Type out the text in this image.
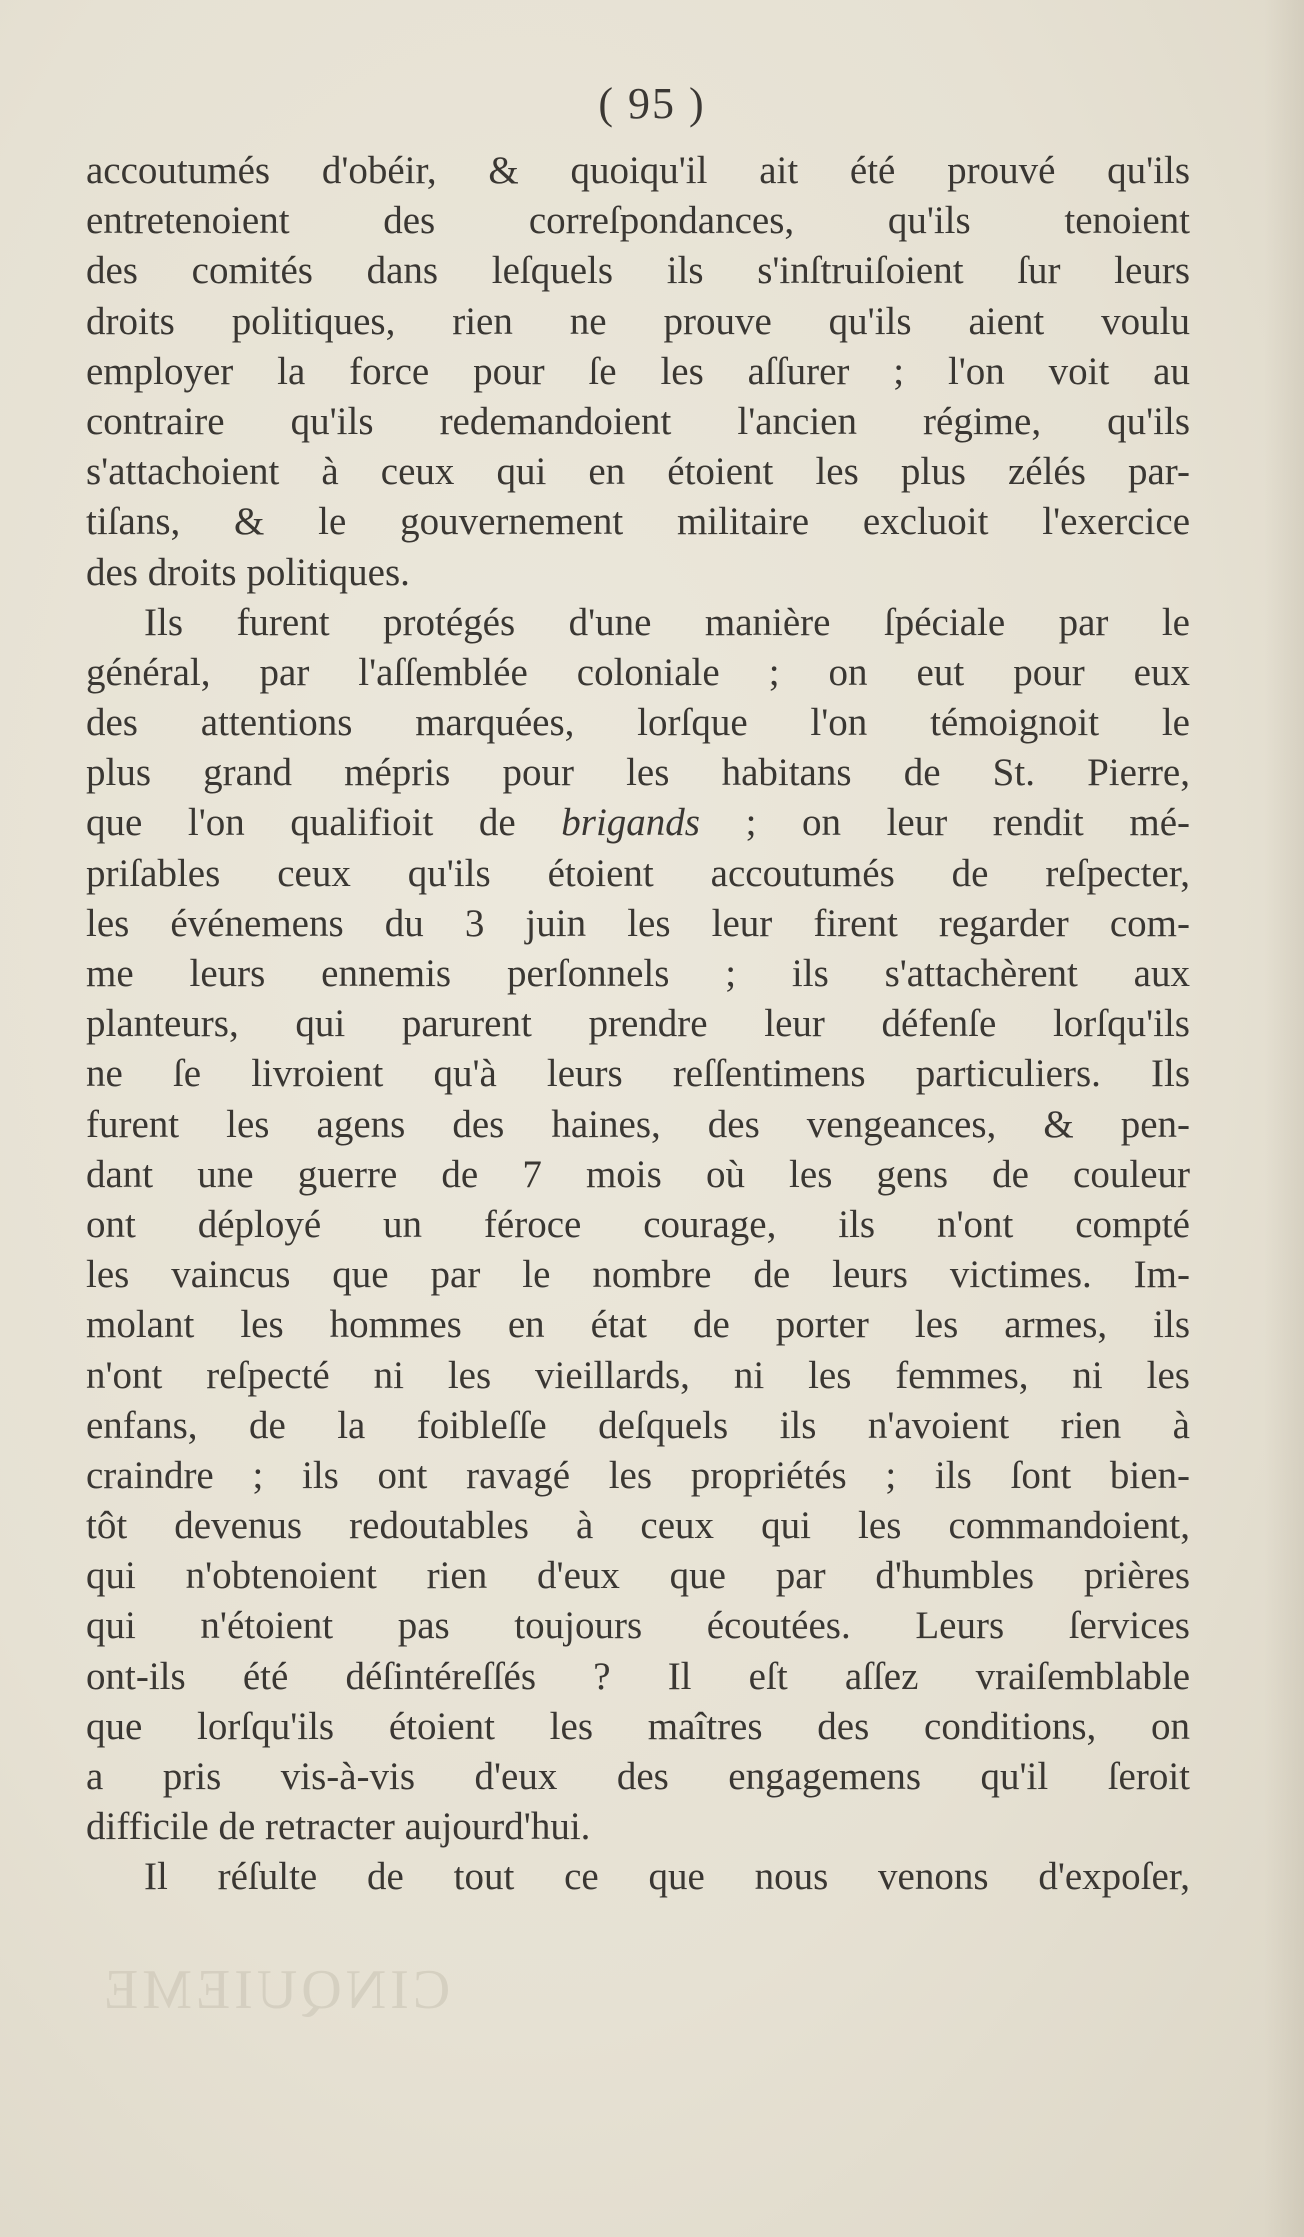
( 95 )
accoutumés d'obéir, & quoiqu'il ait été prouvé qu'ils
entretenoient des correſpondances, qu'ils tenoient
des comités dans leſquels ils s'inſtruiſoient ſur leurs
droits politiques, rien ne prouve qu'ils aient voulu
employer la force pour ſe les aſſurer ; l'on voit au
contraire qu'ils redemandoient l'ancien régime, qu'ils
s'attachoient à ceux qui en étoient les plus zélés par-
tiſans, & le gouvernement militaire excluoit l'exercice
des droits politiques.
Ils furent protégés d'une manière ſpéciale par le
général, par l'aſſemblée coloniale ; on eut pour eux
des attentions marquées, lorſque l'on témoignoit le
plus grand mépris pour les habitans de St. Pierre,
que l'on qualifioit de brigands ; on leur rendit mé-
priſables ceux qu'ils étoient accoutumés de reſpecter,
les événemens du 3 juin les leur firent regarder com-
me leurs ennemis perſonnels ; ils s'attachèrent aux
planteurs, qui parurent prendre leur défenſe lorſqu'ils
ne ſe livroient qu'à leurs reſſentimens particuliers. Ils
furent les agens des haines, des vengeances, & pen-
dant une guerre de 7 mois où les gens de couleur
ont déployé un féroce courage, ils n'ont compté
les vaincus que par le nombre de leurs victimes. Im-
molant les hommes en état de porter les armes, ils
n'ont reſpecté ni les vieillards, ni les femmes, ni les
enfans, de la foibleſſe deſquels ils n'avoient rien à
craindre ; ils ont ravagé les propriétés ; ils ſont bien-
tôt devenus redoutables à ceux qui les commandoient,
qui n'obtenoient rien d'eux que par d'humbles prières
qui n'étoient pas toujours écoutées. Leurs ſervices
ont-ils été déſintéreſſés ? Il eſt aſſez vraiſemblable
que lorſqu'ils étoient les maîtres des conditions, on
a pris vis-à-vis d'eux des engagemens qu'il ſeroit
difficile de retracter aujourd'hui.
Il réſulte de tout ce que nous venons d'expoſer,
CINQUIEME
